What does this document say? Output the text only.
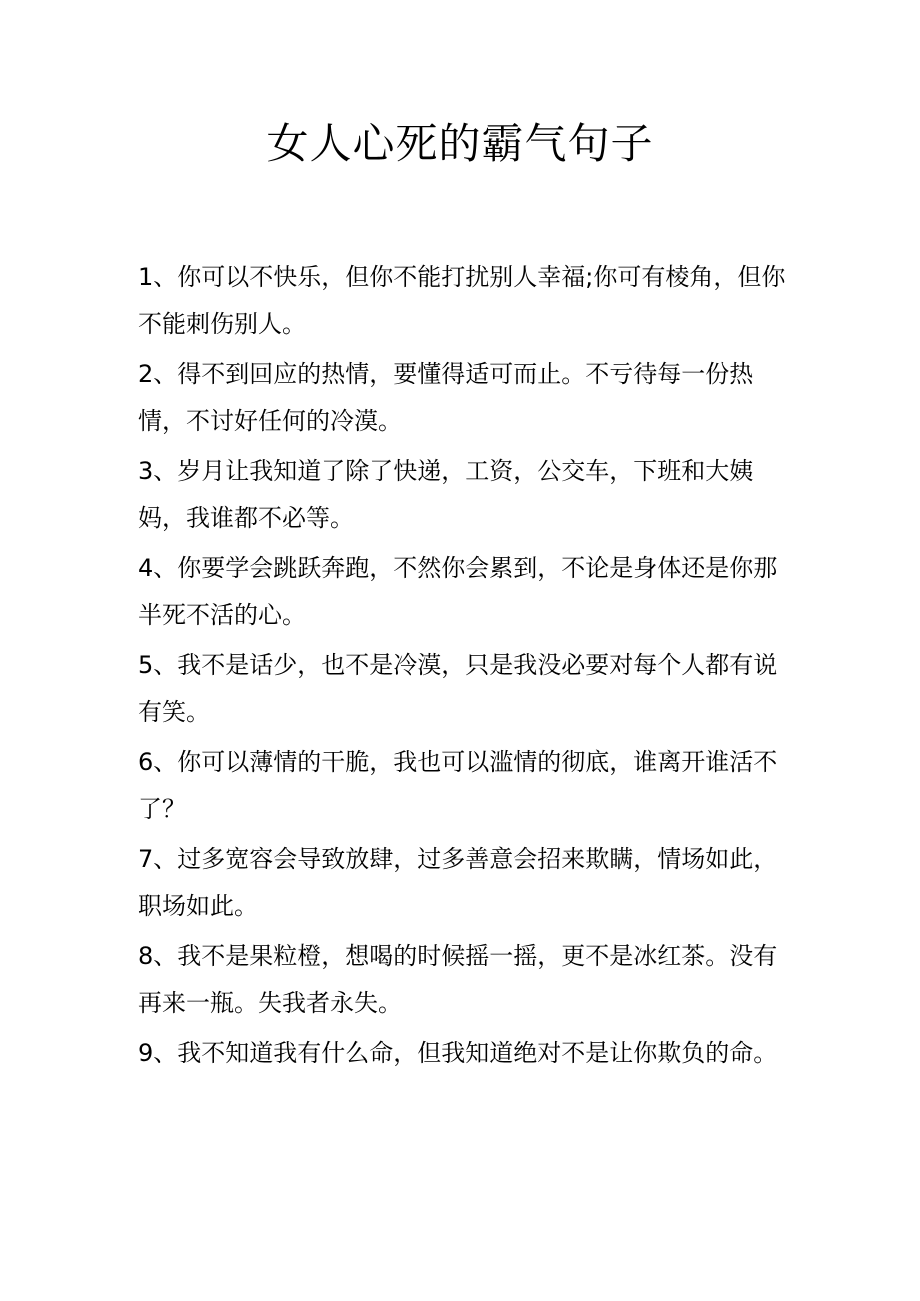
女人心死的霸气句子
1、你可以不快乐，但你不能打扰别人幸福;你可有棱角，但你不能刺伤别人。
2、得不到回应的热情，要懂得适可而止。不亏待每一份热情，不讨好任何的冷漠。
3、岁月让我知道了除了快递，工资，公交车，下班和大姨妈，我谁都不必等。
4、你要学会跳跃奔跑，不然你会累到，不论是身体还是你那半死不活的心。
5、我不是话少，也不是冷漠，只是我没必要对每个人都有说有笑。
6、你可以薄情的干脆，我也可以滥情的彻底，谁离开谁活不了？
7、过多宽容会导致放肆，过多善意会招来欺瞒，情场如此，职场如此。
8、我不是果粒橙，想喝的时候摇一摇，更不是冰红茶。没有再来一瓶。失我者永失。
9、我不知道我有什么命，但我知道绝对不是让你欺负的命。
